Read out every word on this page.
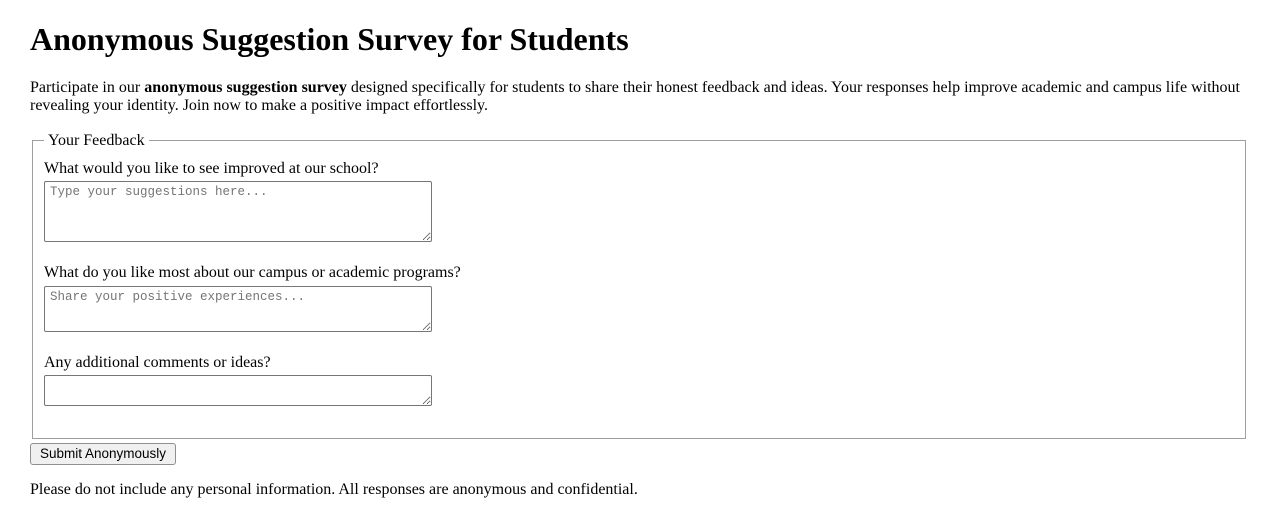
Anonymous Suggestion Survey for Students

Participate in our anonymous suggestion survey designed specifically for students to share their honest feedback and ideas. Your responses help improve academic and campus life without revealing your identity. Join now to make a positive impact effortlessly.

Your Feedback
What would you like to see improved at our school?
Type your suggestions here...
What do you like most about our campus or academic programs?
Share your positive experiences...
Any additional comments or ideas?
Submit Anonymously

Please do not include any personal information. All responses are anonymous and confidential.
